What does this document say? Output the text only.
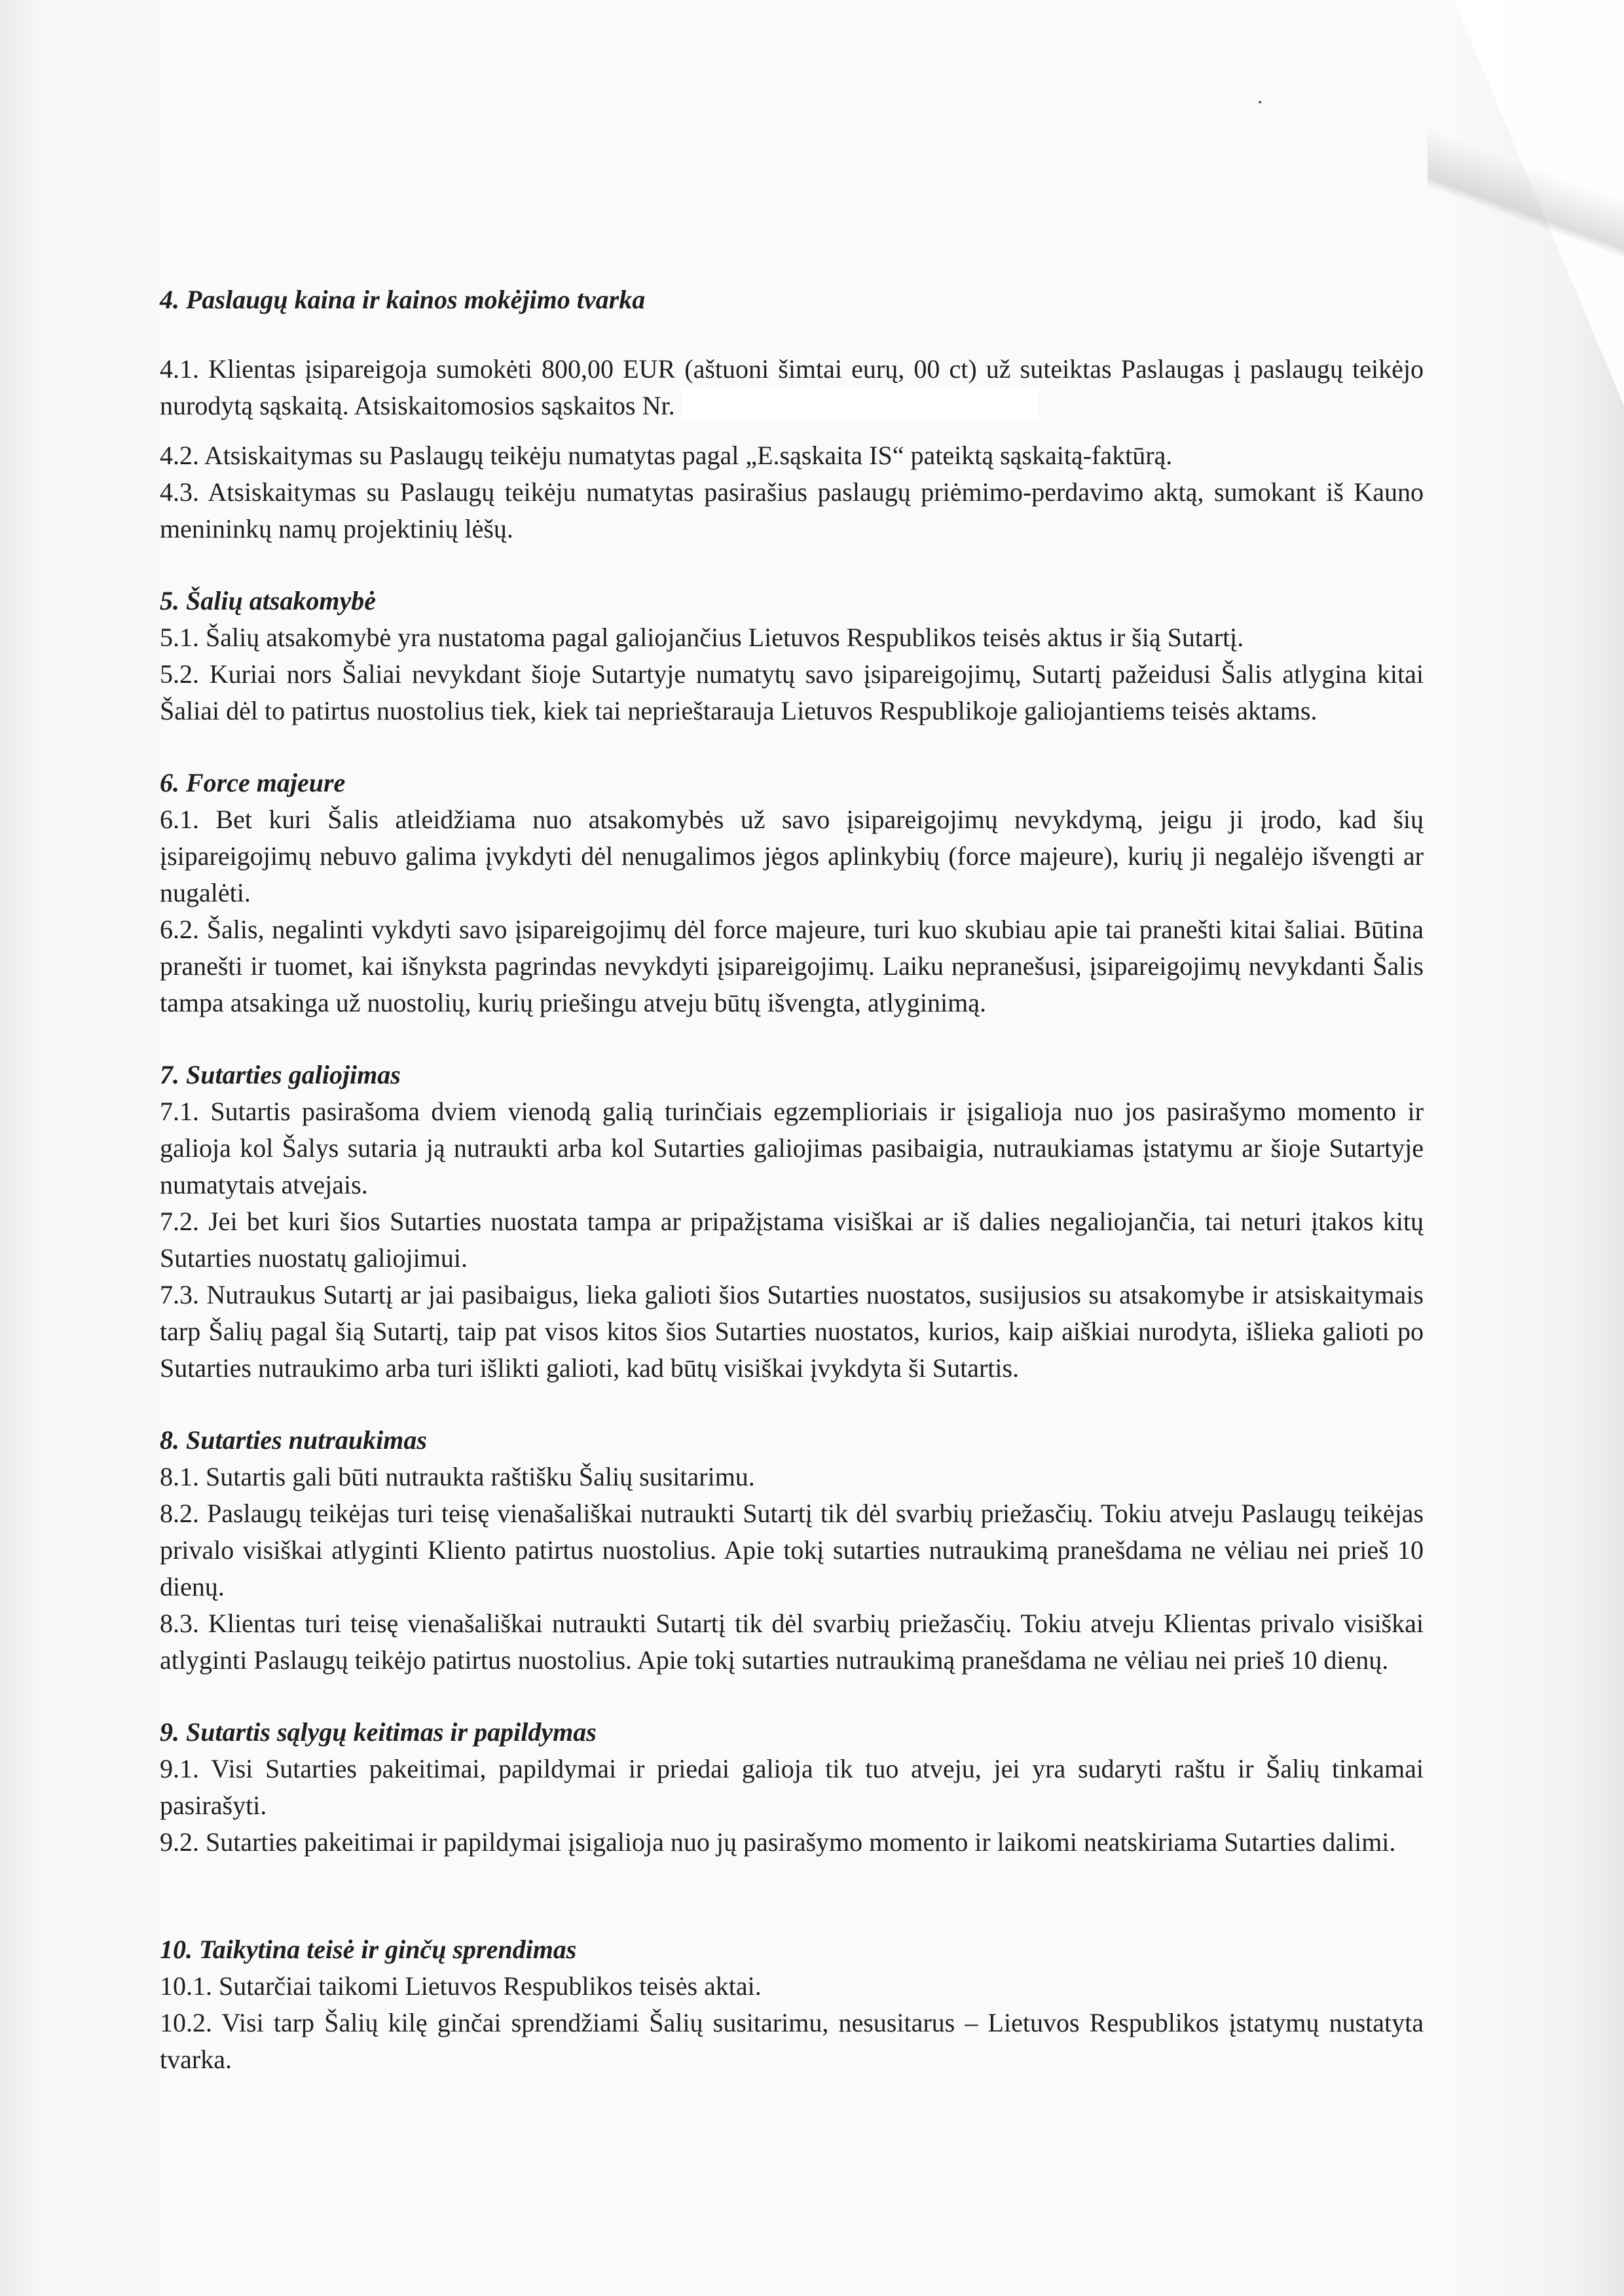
4. Paslaugų kaina ir kainos mokėjimo tvarka

4.1. Klientas įsipareigoja sumokėti 800,00 EUR (aštuoni šimtai eurų, 00 ct) už suteiktas Paslaugas į paslaugų teikėjo nurodytą sąskaitą. Atsiskaitomosios sąskaitos Nr.

4.2. Atsiskaitymas su Paslaugų teikėju numatytas pagal „E.sąskaita IS“ pateiktą sąskaitą-faktūrą.

4.3. Atsiskaitymas su Paslaugų teikėju numatytas pasirašius paslaugų priėmimo-perdavimo aktą, sumokant iš Kauno menininkų namų projektinių lėšų.

5. Šalių atsakomybė

5.1. Šalių atsakomybė yra nustatoma pagal galiojančius Lietuvos Respublikos teisės aktus ir šią Sutartį.

5.2. Kuriai nors Šaliai nevykdant šioje Sutartyje numatytų savo įsipareigojimų, Sutartį pažeidusi Šalis atlygina kitai Šaliai dėl to patirtus nuostolius tiek, kiek tai neprieštarauja Lietuvos Respublikoje galiojantiems teisės aktams.

6. Force majeure

6.1. Bet kuri Šalis atleidžiama nuo atsakomybės už savo įsipareigojimų nevykdymą, jeigu ji įrodo, kad šių įsipareigojimų nebuvo galima įvykdyti dėl nenugalimos jėgos aplinkybių (force majeure), kurių ji negalėjo išvengti ar nugalėti.

6.2. Šalis, negalinti vykdyti savo įsipareigojimų dėl force majeure, turi kuo skubiau apie tai pranešti kitai šaliai. Būtina pranešti ir tuomet, kai išnyksta pagrindas nevykdyti įsipareigojimų. Laiku nepranešusi, įsipareigojimų nevykdanti Šalis tampa atsakinga už nuostolių, kurių priešingu atveju būtų išvengta, atlyginimą.

7. Sutarties galiojimas

7.1. Sutartis pasirašoma dviem vienodą galią turinčiais egzemplioriais ir įsigalioja nuo jos pasirašymo momento ir galioja kol Šalys sutaria ją nutraukti arba kol Sutarties galiojimas pasibaigia, nutraukiamas įstatymu ar šioje Sutartyje numatytais atvejais.

7.2. Jei bet kuri šios Sutarties nuostata tampa ar pripažįstama visiškai ar iš dalies negaliojančia, tai neturi įtakos kitų Sutarties nuostatų galiojimui.

7.3. Nutraukus Sutartį ar jai pasibaigus, lieka galioti šios Sutarties nuostatos, susijusios su atsakomybe ir atsiskaitymais tarp Šalių pagal šią Sutartį, taip pat visos kitos šios Sutarties nuostatos, kurios, kaip aiškiai nurodyta, išlieka galioti po Sutarties nutraukimo arba turi išlikti galioti, kad būtų visiškai įvykdyta ši Sutartis.

8. Sutarties nutraukimas

8.1. Sutartis gali būti nutraukta raštišku Šalių susitarimu.

8.2. Paslaugų teikėjas turi teisę vienašališkai nutraukti Sutartį tik dėl svarbių priežasčių. Tokiu atveju Paslaugų teikėjas privalo visiškai atlyginti Kliento patirtus nuostolius. Apie tokį sutarties nutraukimą pranešdama ne vėliau nei prieš 10 dienų.

8.3. Klientas turi teisę vienašališkai nutraukti Sutartį tik dėl svarbių priežasčių. Tokiu atveju Klientas privalo visiškai atlyginti Paslaugų teikėjo patirtus nuostolius. Apie tokį sutarties nutraukimą pranešdama ne vėliau nei prieš 10 dienų.

9. Sutartis sąlygų keitimas ir papildymas

9.1. Visi Sutarties pakeitimai, papildymai ir priedai galioja tik tuo atveju, jei yra sudaryti raštu ir Šalių tinkamai pasirašyti.

9.2. Sutarties pakeitimai ir papildymai įsigalioja nuo jų pasirašymo momento ir laikomi neatskiriama Sutarties dalimi.

10. Taikytina teisė ir ginčų sprendimas

10.1. Sutarčiai taikomi Lietuvos Respublikos teisės aktai.

10.2. Visi tarp Šalių kilę ginčai sprendžiami Šalių susitarimu, nesusitarus – Lietuvos Respublikos įstatymų nustatyta tvarka.
